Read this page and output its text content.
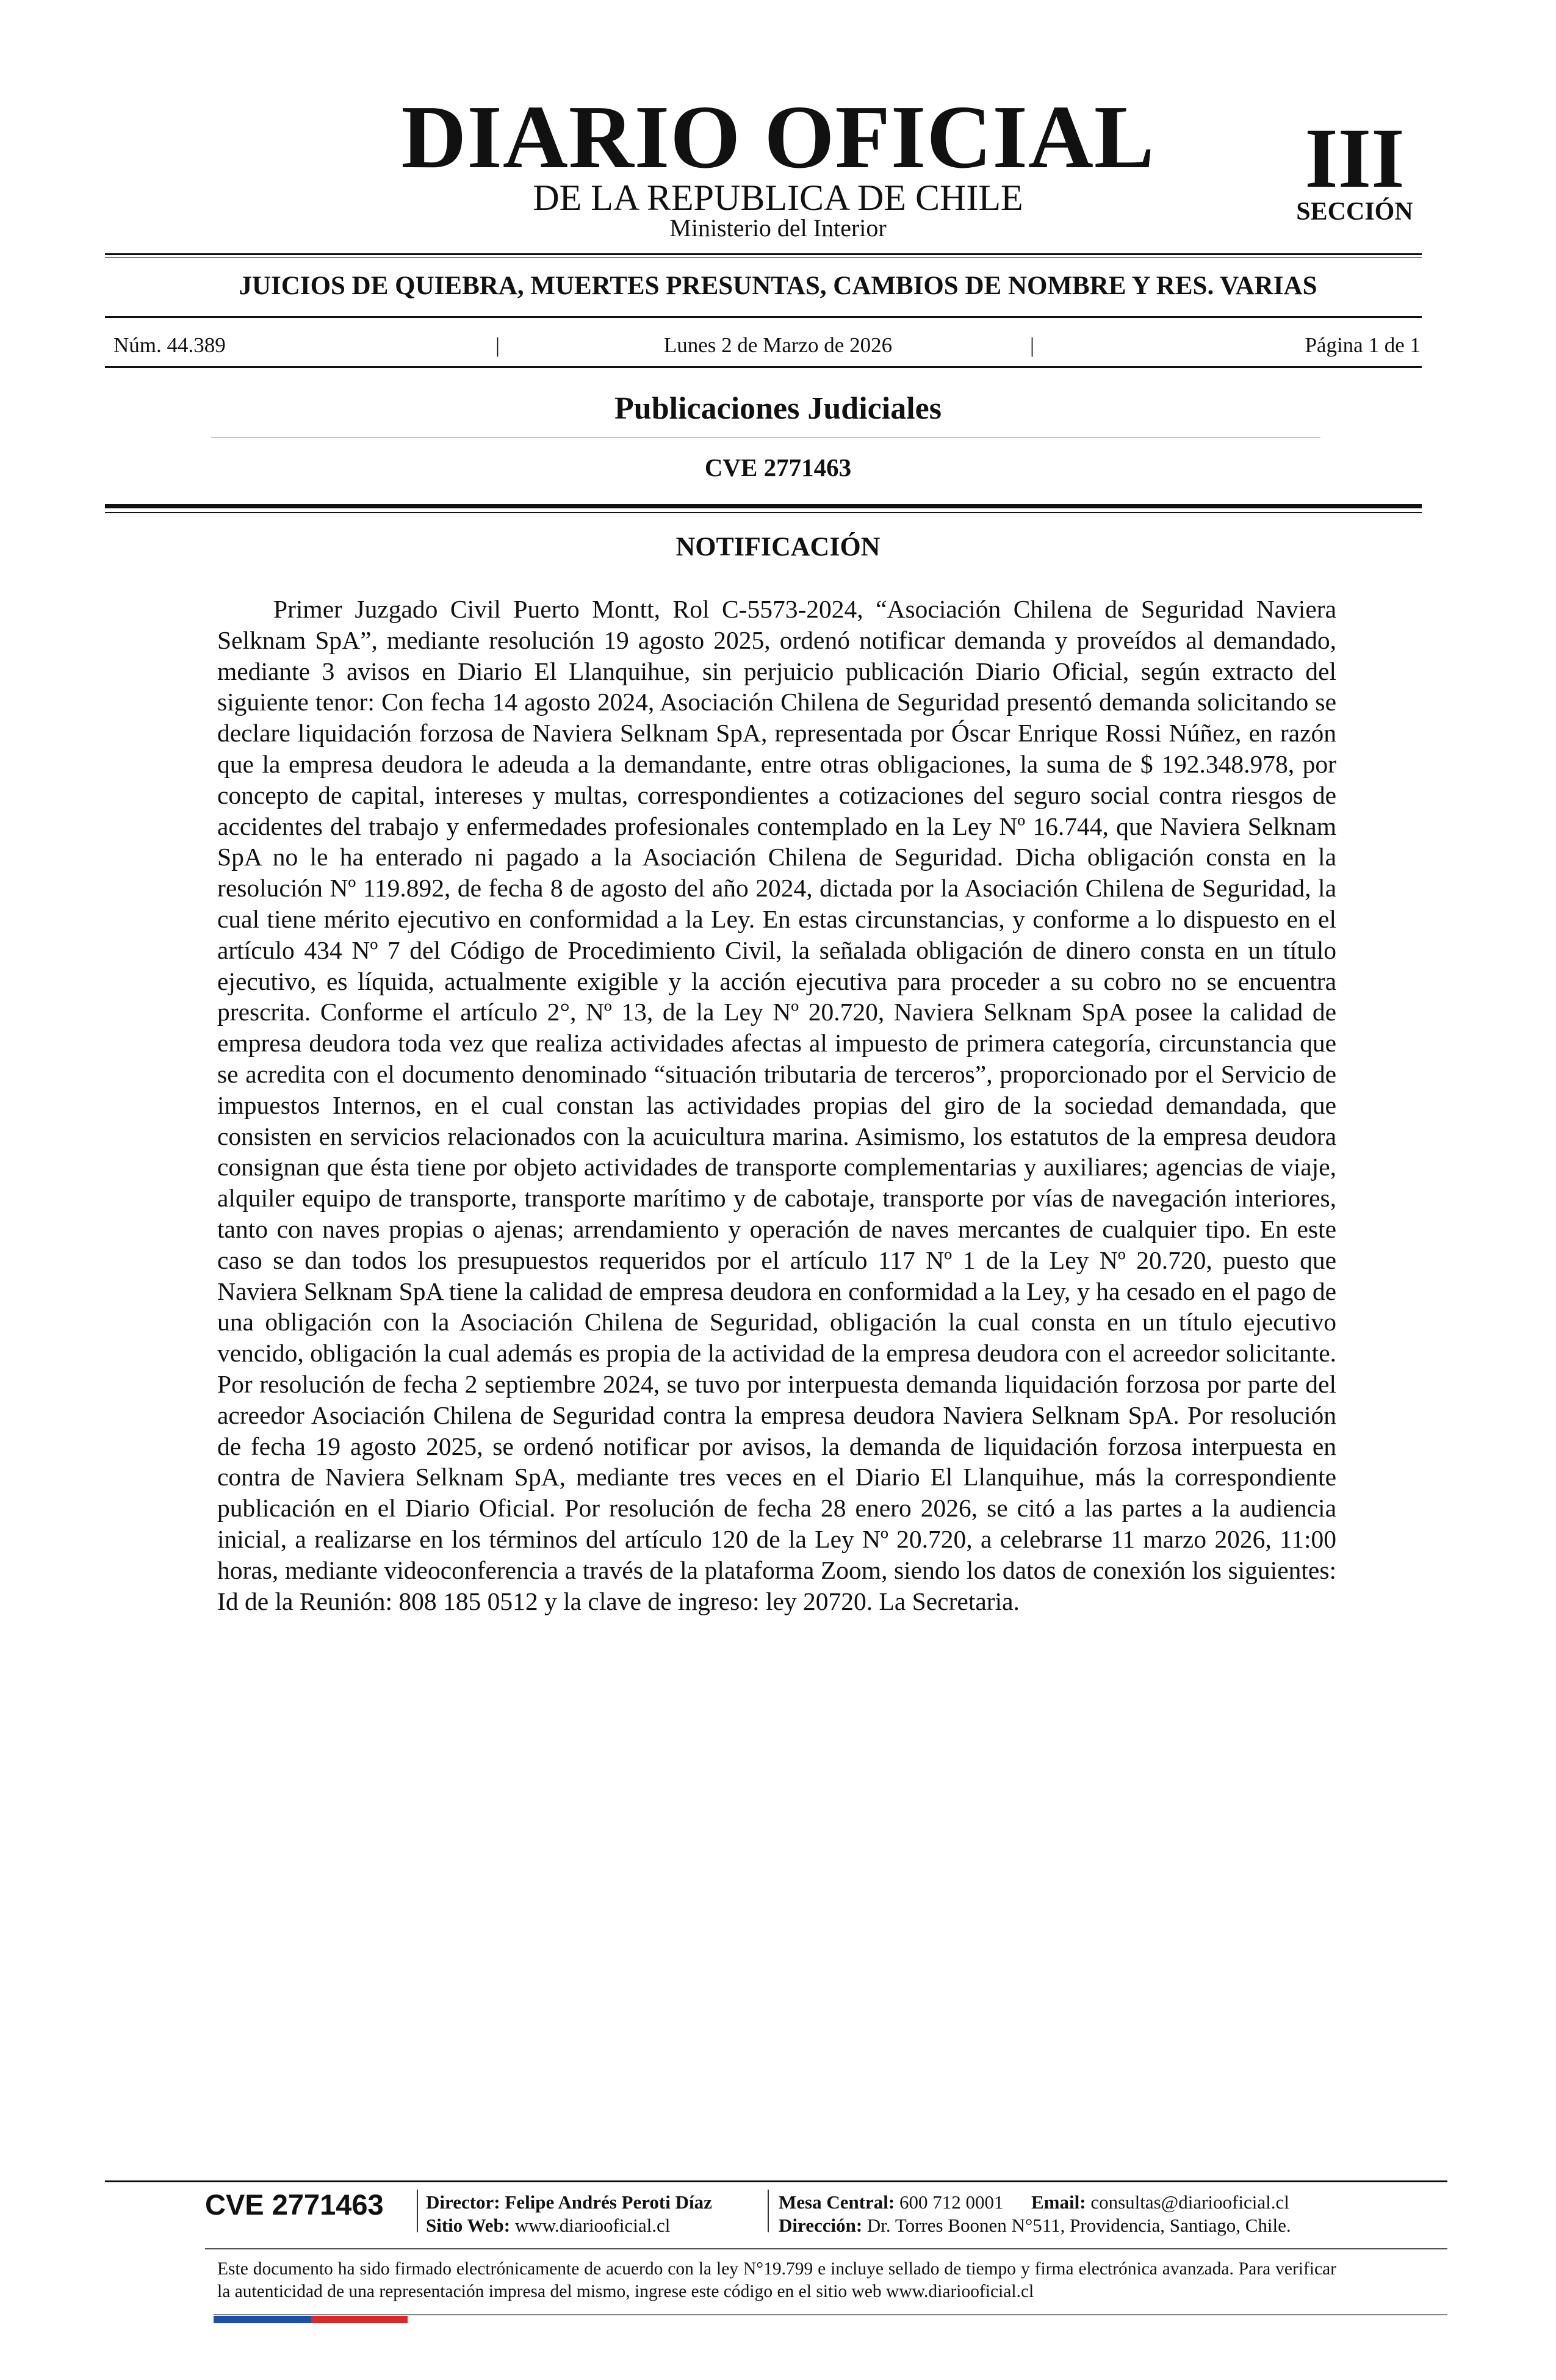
DIARIO OFICIAL
DE LA REPUBLICA DE CHILE
Ministerio del Interior
III
SECCIÓN
JUICIOS DE QUIEBRA, MUERTES PRESUNTAS, CAMBIOS DE NOMBRE Y RES. VARIAS
Núm. 44.389	|	Lunes 2 de Marzo de 2026	|	Página 1 de 1
Publicaciones Judiciales
CVE 2771463
NOTIFICACIÓN

Primer Juzgado Civil Puerto Montt, Rol C-5573-2024, “Asociación Chilena de Seguridad Naviera Selknam SpA”, mediante resolución 19 agosto 2025, ordenó notificar demanda y proveídos al demandado, mediante 3 avisos en Diario El Llanquihue, sin perjuicio publicación Diario Oficial, según extracto del siguiente tenor: Con fecha 14 agosto 2024, Asociación Chilena de Seguridad presentó demanda solicitando se declare liquidación forzosa de Naviera Selknam SpA, representada por Óscar Enrique Rossi Núñez, en razón que la empresa deudora le adeuda a la demandante, entre otras obligaciones, la suma de $ 192.348.978, por concepto de capital, intereses y multas, correspondientes a cotizaciones del seguro social contra riesgos de accidentes del trabajo y enfermedades profesionales contemplado en la Ley Nº 16.744, que Naviera Selknam SpA no le ha enterado ni pagado a la Asociación Chilena de Seguridad. Dicha obligación consta en la resolución Nº 119.892, de fecha 8 de agosto del año 2024, dictada por la Asociación Chilena de Seguridad, la cual tiene mérito ejecutivo en conformidad a la Ley. En estas circunstancias, y conforme a lo dispuesto en el artículo 434 Nº 7 del Código de Procedimiento Civil, la señalada obligación de dinero consta en un título ejecutivo, es líquida, actualmente exigible y la acción ejecutiva para proceder a su cobro no se encuentra prescrita. Conforme el artículo 2°, Nº 13, de la Ley Nº 20.720, Naviera Selknam SpA posee la calidad de empresa deudora toda vez que realiza actividades afectas al impuesto de primera categoría, circunstancia que se acredita con el documento denominado “situación tributaria de terceros”, proporcionado por el Servicio de impuestos Internos, en el cual constan las actividades propias del giro de la sociedad demandada, que consisten en servicios relacionados con la acuicultura marina. Asimismo, los estatutos de la empresa deudora consignan que ésta tiene por objeto actividades de transporte complementarias y auxiliares; agencias de viaje, alquiler equipo de transporte, transporte marítimo y de cabotaje, transporte por vías de navegación interiores, tanto con naves propias o ajenas; arrendamiento y operación de naves mercantes de cualquier tipo. En este caso se dan todos los presupuestos requeridos por el artículo 117 Nº 1 de la Ley Nº 20.720, puesto que Naviera Selknam SpA tiene la calidad de empresa deudora en conformidad a la Ley, y ha cesado en el pago de una obligación con la Asociación Chilena de Seguridad, obligación la cual consta en un título ejecutivo vencido, obligación la cual además es propia de la actividad de la empresa deudora con el acreedor solicitante. Por resolución de fecha 2 septiembre 2024, se tuvo por interpuesta demanda liquidación forzosa por parte del acreedor Asociación Chilena de Seguridad contra la empresa deudora Naviera Selknam SpA. Por resolución de fecha 19 agosto 2025, se ordenó notificar por avisos, la demanda de liquidación forzosa interpuesta en contra de Naviera Selknam SpA, mediante tres veces en el Diario El Llanquihue, más la correspondiente publicación en el Diario Oficial. Por resolución de fecha 28 enero 2026, se citó a las partes a la audiencia inicial, a realizarse en los términos del artículo 120 de la Ley Nº 20.720, a celebrarse 11 marzo 2026, 11:00 horas, mediante videoconferencia a través de la plataforma Zoom, siendo los datos de conexión los siguientes: Id de la Reunión: 808 185 0512 y la clave de ingreso: ley 20720. La Secretaria.

CVE 2771463	Director: Felipe Andrés Peroti Díaz
Sitio Web: www.diariooficial.cl
Mesa Central: 600 712 0001 Email: consultas@diariooficial.cl
Dirección: Dr. Torres Boonen N°511, Providencia, Santiago, Chile.

Este documento ha sido firmado electrónicamente de acuerdo con la ley N°19.799 e incluye sellado de tiempo y firma electrónica avanzada. Para verificar la autenticidad de una representación impresa del mismo, ingrese este código en el sitio web www.diariooficial.cl
